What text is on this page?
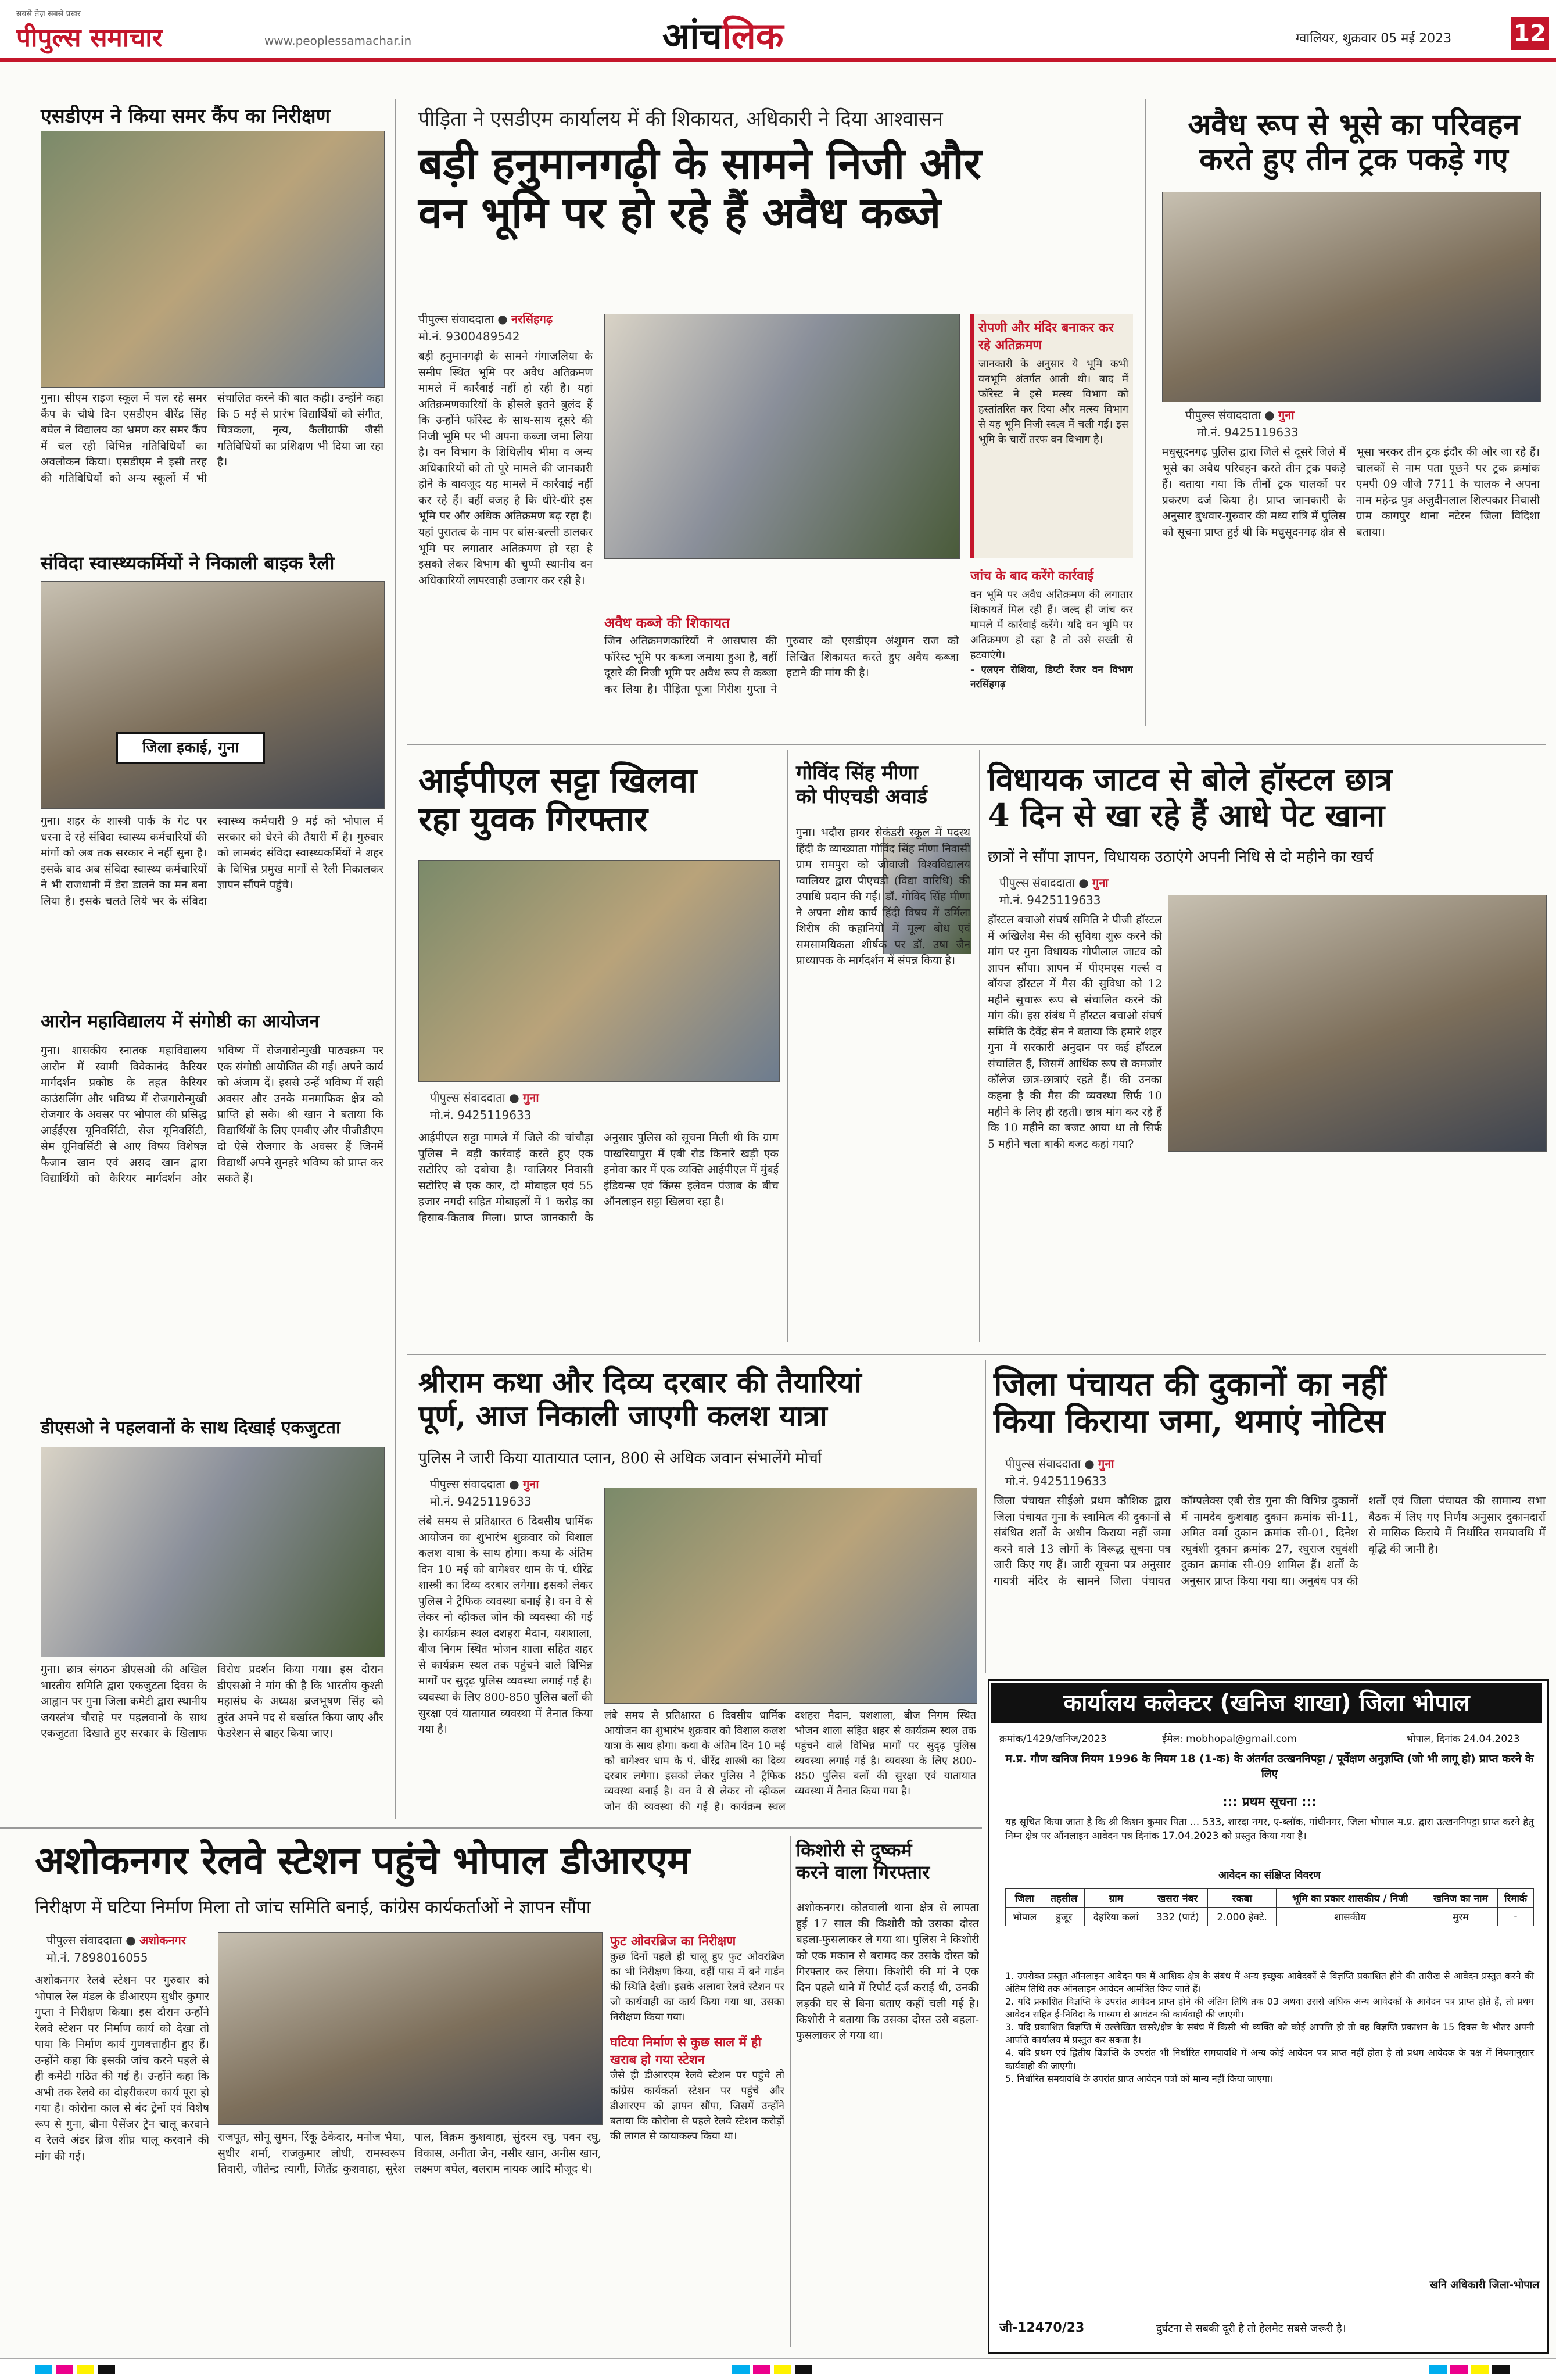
सबसे तेज़ सबसे प्रखर
पीपुल्स समाचार	www.peoplessamachar.in	आंचलिक	ग्वालियर, शुक्रवार 05 मई 2023	12
एसडीएम ने किया समर कैंप का निरीक्षण
गुना। सीएम राइज स्कूल में चल रहे समर कैंप के चौथे दिन एसडीएम वीरेंद्र सिंह बघेल ने विद्यालय का भ्रमण कर समर कैंप में चल रही विभिन्न गतिविधियों का अवलोकन किया। एसडीएम ने इसी तरह की गतिविधियों को अन्य स्कूलों में भी संचालित करने की बात कही। उन्होंने कहा कि 5 मई से प्रारंभ विद्यार्थियों को संगीत, चित्रकला, नृत्य, कैलीग्राफी जैसी गतिविधियों का प्रशिक्षण भी दिया जा रहा है।
संविदा स्वास्थ्यकर्मियों ने निकाली बाइक रैली
जिला इकाई, गुना
गुना। शहर के शास्त्री पार्क के गेट पर धरना दे रहे संविदा स्वास्थ्य कर्मचारियों की मांगों को अब तक सरकार ने नहीं सुना है। इसके बाद अब संविदा स्वास्थ्य कर्मचारियों ने भी राजधानी में डेरा डालने का मन बना लिया है। इसके चलते लिये भर के संविदा स्वास्थ्य कर्मचारी 9 मई को भोपाल में सरकार को घेरने की तैयारी में है। गुरुवार को लामबंद संविदा स्वास्थ्यकर्मियों ने शहर के विभिन्न प्रमुख मार्गों से रैली निकालकर ज्ञापन सौंपने पहुंचे।
आरोन महाविद्यालय में संगोष्ठी का आयोजन
गुना। शासकीय स्नातक महाविद्यालय आरोन में स्वामी विवेकानंद कैरियर मार्गदर्शन प्रकोष्ठ के तहत कैरियर काउंसलिंग और भविष्य में रोजगारोन्मुखी रोजगार के अवसर पर भोपाल की प्रसिद्ध आईईएस यूनिवर्सिटी, सेज यूनिवर्सिटी, सेम यूनिवर्सिटी से आए विषय विशेषज्ञ फैजान खान एवं असद खान द्वारा विद्यार्थियों को कैरियर मार्गदर्शन और भविष्य में रोजगारोन्मुखी पाठ्यक्रम पर एक संगोष्ठी आयोजित की गई। अपने कार्य को अंजाम दें। इससे उन्हें भविष्य में सही अवसर और उनके मनमाफिक क्षेत्र को प्राप्ति हो सके। श्री खान ने बताया कि विद्यार्थियों के लिए एमबीए और पीजीडीएम दो ऐसे रोजगार के अवसर हैं जिनमें विद्यार्थी अपने सुनहरे भविष्य को प्राप्त कर सकते हैं।
डीएसओ ने पहलवानों के साथ दिखाई एकजुटता
गुना। छात्र संगठन डीएसओ की अखिल भारतीय समिति द्वारा एकजुटता दिवस के आह्वान पर गुना जिला कमेटी द्वारा स्थानीय जयस्तंभ चौराहे पर पहलवानों के साथ एकजुटता दिखाते हुए सरकार के खिलाफ विरोध प्रदर्शन किया गया। इस दौरान डीएसओ ने मांग की है कि भारतीय कुश्ती महासंघ के अध्यक्ष ब्रजभूषण सिंह को तुरंत अपने पद से बर्खास्त किया जाए और फेडरेशन से बाहर किया जाए।
पीड़िता ने एसडीएम कार्यालय में की शिकायत, अधिकारी ने दिया आश्वासन
बड़ी हनुमानगढ़ी के सामने निजी और
वन भूमि पर हो रहे हैं अवैध कब्जे
पीपुल्स संवाददाता ● नरसिंहगढ़
मो.नं. 9300489542
बड़ी हनुमानगढ़ी के सामने गंगाजलिया के समीप स्थित भूमि पर अवैध अतिक्रमण मामले में कार्रवाई नहीं हो रही है। यहां अतिक्रमणकारियों के हौसले इतने बुलंद हैं कि उन्होंने फॉरेस्ट के साथ-साथ दूसरे की निजी भूमि पर भी अपना कब्जा जमा लिया है। वन विभाग के शिथिलीय भीमा व अन्य अधिकारियों को तो पूरे मामले की जानकारी होने के बावजूद यह मामले में कार्रवाई नहीं कर रहे हैं। वहीं वजह है कि धीरे-धीरे इस भूमि पर और अधिक अतिक्रमण बढ़ रहा है। यहां पुरातत्व के नाम पर बांस-बल्ली डालकर भूमि पर लगातार अतिक्रमण हो रहा है इसको लेकर विभाग की चुप्पी स्थानीय वन अधिकारियों लापरवाही उजागर कर रही है।
अवैध कब्जे की शिकायत
जिन अतिक्रमणकारियों ने आसपास की फॉरेस्ट भूमि पर कब्जा जमाया हुआ है, वहीं दूसरे की निजी भूमि पर अवैध रूप से कब्जा कर लिया है। पीड़िता पूजा गिरीश गुप्ता ने गुरुवार को एसडीएम अंशुमन राज को लिखित शिकायत करते हुए अवैध कब्जा हटाने की मांग की है।
रोपणी और मंदिर बनाकर कर रहे अतिक्रमण
जानकारी के अनुसार ये भूमि कभी वनभूमि अंतर्गत आती थी। बाद में फॉरेस्ट ने इसे मत्स्य विभाग को हस्तांतरित कर दिया और मत्स्य विभाग से यह भूमि निजी स्वत्व में चली गई। इस भूमि के चारों तरफ वन विभाग है।
जांच के बाद करेंगे कार्रवाई
वन भूमि पर अवैध अतिक्रमण की लगातार शिकायतें मिल रही हैं। जल्द ही जांच कर मामले में कार्रवाई करेंगे। यदि वन भूमि पर अतिक्रमण हो रहा है तो उसे सख्ती से हटवाएंगे।
- एलएन रोशिया, डिप्टी रेंजर वन विभाग नरसिंहगढ़
अवैध रूप से भूसे का परिवहन
करते हुए तीन ट्रक पकड़े गए
पीपुल्स संवाददाता ● गुना
मो.नं. 9425119633
मधुसूदनगढ़ पुलिस द्वारा जिले से दूसरे जिले में भूसे का अवैध परिवहन करते तीन ट्रक पकड़े हैं। बताया गया कि तीनों ट्रक चालकों पर प्रकरण दर्ज किया है। प्राप्त जानकारी के अनुसार बुधवार-गुरुवार की मध्य रात्रि में पुलिस को सूचना प्राप्त हुई थी कि मधुसूदनगढ़ क्षेत्र से भूसा भरकर तीन ट्रक इंदौर की ओर जा रहे हैं। चालकों से नाम पता पूछने पर ट्रक क्रमांक एमपी 09 जीजे 7711 के चालक ने अपना नाम महेन्द्र पुत्र अजुदीनलाल शिल्पकार निवासी ग्राम कागपुर थाना नटेरन जिला विदिशा बताया।
आईपीएल सट्टा खिलवा
रहा युवक गिरफ्तार
पीपुल्स संवाददाता ● गुना
मो.नं. 9425119633
आईपीएल सट्टा मामले में जिले की चांचौड़ा पुलिस ने बड़ी कार्रवाई करते हुए एक सटोरिए को दबोचा है। ग्वालियर निवासी सटोरिए से एक कार, दो मोबाइल एवं 55 हजार नगदी सहित मोबाइलों में 1 करोड़ का हिसाब-किताब मिला। प्राप्त जानकारी के अनुसार पुलिस को सूचना मिली थी कि ग्राम पाखरियापुरा में एबी रोड किनारे खड़ी एक इनोवा कार में एक व्यक्ति आईपीएल में मुंबई इंडियन्स एवं किंग्स इलेवन पंजाब के बीच ऑनलाइन सट्टा खिलवा रहा है।
गोविंद सिंह मीणा
को पीएचडी अवार्ड
गुना। भदौरा हायर सेकंडरी स्कूल में पदस्थ हिंदी के व्याख्याता गोविंद सिंह मीणा निवासी ग्राम रामपुरा को जीवाजी विश्वविद्यालय ग्वालियर द्वारा पीएचडी (विद्या वारिधि) की उपाधि प्रदान की गई। डॉ. गोविंद सिंह मीणा ने अपना शोध कार्य हिंदी विषय में उर्मिला शिरीष की कहानियों में मूल्य बोध एवं समसामयिकता शीर्षक पर डॉ. उषा जैन प्राध्यापक के मार्गदर्शन में संपन्न किया है।
विधायक जाटव से बोले हॉस्टल छात्र
4 दिन से खा रहे हैं आधे पेट खाना
छात्रों ने सौंपा ज्ञापन, विधायक उठाएंगे अपनी निधि से दो महीने का खर्च
पीपुल्स संवाददाता ● गुना
मो.नं. 9425119633
हॉस्टल बचाओ संघर्ष समिति ने पीजी हॉस्टल में अखिलेश मैस की सुविधा शुरू करने की मांग पर गुना विधायक गोपीलाल जाटव को ज्ञापन सौंपा। ज्ञापन में पीएमएस गर्ल्स व बॉयज हॉस्टल में मैस की सुविधा को 12 महीने सुचारू रूप से संचालित करने की मांग की। इस संबंध में हॉस्टल बचाओ संघर्ष समिति के देवेंद्र सेन ने बताया कि हमारे शहर गुना में सरकारी अनुदान पर कई हॉस्टल संचालित हैं, जिसमें आर्थिक रूप से कमजोर कॉलेज छात्र-छात्राएं रहते हैं। की उनका कहना है की मैस की व्यवस्था सिर्फ 10 महीने के लिए ही रहती। छात्र मांग कर रहे हैं कि 10 महीने का बजट आया था तो सिर्फ 5 महीने चला बाकी बजट कहां गया?
श्रीराम कथा और दिव्य दरबार की तैयारियां
पूर्ण, आज निकाली जाएगी कलश यात्रा
पुलिस ने जारी किया यातायात प्लान, 800 से अधिक जवान संभालेंगे मोर्चा
पीपुल्स संवाददाता ● गुना
मो.नं. 9425119633
लंबे समय से प्रतिक्षारत 6 दिवसीय धार्मिक आयोजन का शुभारंभ शुक्रवार को विशाल कलश यात्रा के साथ होगा। कथा के अंतिम दिन 10 मई को बागेश्वर धाम के पं. धीरेंद्र शास्त्री का दिव्य दरबार लगेगा। इसको लेकर पुलिस ने ट्रैफिक व्यवस्था बनाई है। वन वे से लेकर नो व्हीकल जोन की व्यवस्था की गई है। कार्यक्रम स्थल दशहरा मैदान, यशशाला, बीज निगम स्थित भोजन शाला सहित शहर से कार्यक्रम स्थल तक पहुंचने वाले विभिन्न मार्गों पर सुदृढ़ पुलिस व्यवस्था लगाई गई है। व्यवस्था के लिए 800-850 पुलिस बलों की सुरक्षा एवं यातायात व्यवस्था में तैनात किया गया है।
जिला पंचायत की दुकानों का नहीं
किया किराया जमा, थमाएं नोटिस
पीपुल्स संवाददाता ● गुना
मो.नं. 9425119633
जिला पंचायत सीईओ प्रथम कौशिक द्वारा जिला पंचायत गुना के स्वामित्व की दुकानों से संबंधित शर्तों के अधीन किराया नहीं जमा करने वाले 13 लोगों के विरूद्ध सूचना पत्र जारी किए गए हैं। जारी सूचना पत्र अनुसार गायत्री मंदिर के सामने जिला पंचायत कॉम्पलेक्स एबी रोड गुना की विभिन्न दुकानों में नामदेव कुशवाह दुकान क्रमांक सी-11, अमित वर्मा दुकान क्रमांक सी-01, दिनेश रघुवंशी दुकान क्रमांक 27, रघुराज रघुवंशी दुकान क्रमांक सी-09 शामिल हैं। शर्तों के अनुसार प्राप्त किया गया था। अनुबंध पत्र की शर्तों एवं जिला पंचायत की सामान्य सभा बैठक में लिए गए निर्णय अनुसार दुकानदारों से मासिक किराये में निर्धारित समयावधि में वृद्धि की जानी है।
लंबे समय से प्रतिक्षारत 6 दिवसीय धार्मिक आयोजन का शुभारंभ शुक्रवार को विशाल कलश यात्रा के साथ होगा। कथा के अंतिम दिन 10 मई को बागेश्वर धाम के पं. धीरेंद्र शास्त्री का दिव्य दरबार लगेगा। इसको लेकर पुलिस ने ट्रैफिक व्यवस्था बनाई है। वन वे से लेकर नो व्हीकल जोन की व्यवस्था की गई है। कार्यक्रम स्थल दशहरा मैदान, यशशाला, बीज निगम स्थित भोजन शाला सहित शहर से कार्यक्रम स्थल तक पहुंचने वाले विभिन्न मार्गों पर सुदृढ़ पुलिस व्यवस्था लगाई गई है। व्यवस्था के लिए 800-850 पुलिस बलों की सुरक्षा एवं यातायात व्यवस्था में तैनात किया गया है।
कार्यालय कलेक्टर (खनिज शाखा) जिला भोपाल
क्रमांक/1429/खनिज/2023	ईमेल: mobhopal@gmail.com	भोपाल, दिनांक 24.04.2023
म.प्र. गौण खनिज नियम 1996 के नियम 18 (1-क) के अंतर्गत उत्खननिपट्टा / पूर्वेक्षण अनुज्ञप्ति (जो भी लागू हो) प्राप्त करने के लिए
::: प्रथम सूचना :::
यह सूचित किया जाता है कि श्री किशन कुमार पिता ... 533, शारदा नगर, ए-ब्लॉक, गांधीनगर, जिला भोपाल म.प्र. द्वारा उत्खननिपट्टा प्राप्त करने हेतु निम्न क्षेत्र पर ऑनलाइन आवेदन पत्र दिनांक 17.04.2023 को प्रस्तुत किया गया है।
आवेदन का संक्षिप्त विवरण
जिला	तहसील	ग्राम	खसरा नंबर	रकबा	भूमि का प्रकार शासकीय / निजी	खनिज का नाम	रिमार्क
भोपाल	हुजूर	देहरिया कलां	332 (पार्ट)	2.000 हेक्टे.	शासकीय	मुरम	-
1. उपरोक्त प्रस्तुत ऑनलाइन आवेदन पत्र में आंशिक क्षेत्र के संबंध में अन्य इच्छुक आवेदकों से विज्ञप्ति प्रकाशित होने की तारीख से आवेदन प्रस्तुत करने की अंतिम तिथि तक ऑनलाइन आवेदन आमंत्रित किए जाते हैं।
2. यदि प्रकाशित विज्ञप्ति के उपरांत आवेदन प्राप्त होने की अंतिम तिथि तक 03 अथवा उससे अधिक अन्य आवेदकों के आवेदन पत्र प्राप्त होते हैं, तो प्रथम आवेदन सहित ई-निविदा के माध्यम से आवंटन की कार्यवाही की जाएगी।
3. यदि प्रकाशित विज्ञप्ति में उल्लेखित खसरे/क्षेत्र के संबंध में किसी भी व्यक्ति को कोई आपत्ति हो तो वह विज्ञप्ति प्रकाशन के 15 दिवस के भीतर अपनी आपत्ति कार्यालय में प्रस्तुत कर सकता है।
4. यदि प्रथम एवं द्वितीय विज्ञप्ति के उपरांत भी निर्धारित समयावधि में अन्य कोई आवेदन पत्र प्राप्त नहीं होता है तो प्रथम आवेदक के पक्ष में नियमानुसार कार्यवाही की जाएगी।
5. निर्धारित समयावधि के उपरांत प्राप्त आवेदन पत्रों को मान्य नहीं किया जाएगा।
खनि अधिकारी जिला-भोपाल
जी-12470/23	दुर्घटना से सबकी दूरी है तो हेलमेट सबसे जरूरी है।
अशोकनगर रेलवे स्टेशन पहुंचे भोपाल डीआरएम
निरीक्षण में घटिया निर्माण मिला तो जांच समिति बनाई, कांग्रेस कार्यकर्ताओं ने ज्ञापन सौंपा
पीपुल्स संवाददाता ● अशोकनगर
मो.नं. 7898016055
अशोकनगर रेलवे स्टेशन पर गुरुवार को भोपाल रेल मंडल के डीआरएम सुधीर कुमार गुप्ता ने निरीक्षण किया। इस दौरान उन्होंने रेलवे स्टेशन पर निर्माण कार्य को देखा तो पाया कि निर्माण कार्य गुणवत्ताहीन हुए हैं। उन्होंने कहा कि इसकी जांच करने पहले से ही कमेटी गठित की गई है। उन्होंने कहा कि अभी तक रेलवे का दोहरीकरण कार्य पूरा हो गया है। कोरोना काल से बंद ट्रेनों एवं विशेष रूप से गुना, बीना पैसेंजर ट्रेन चालू करवाने व रेलवे अंडर ब्रिज शीघ्र चालू करवाने की मांग की गई।
राजपूत, सोनू सुमन, रिंकू ठेकेदार, मनोज भैया, सुधीर शर्मा, राजकुमार लोधी, रामस्वरूप तिवारी, जीतेन्द्र त्यागी, जितेंद्र कुशवाहा, सुरेश पाल, विक्रम कुशवाहा, सुंदरम रघु, पवन रघु, विकास, अनीता जैन, नसीर खान, अनीस खान, लक्ष्मण बघेल, बलराम नायक आदि मौजूद थे।
फुट ओवरब्रिज का निरीक्षण
कुछ दिनों पहले ही चालू हुए फुट ओवरब्रिज का भी निरीक्षण किया, वहीं पास में बने गार्डन की स्थिति देखी। इसके अलावा रेलवे स्टेशन पर जो कार्यवाही का कार्य किया गया था, उसका निरीक्षण किया गया।
घटिया निर्माण से कुछ साल में ही खराब हो गया स्टेशन
जैसे ही डीआरएम रेलवे स्टेशन पर पहुंचे तो कांग्रेस कार्यकर्ता स्टेशन पर पहुंचे और डीआरएम को ज्ञापन सौंपा, जिसमें उन्होंने बताया कि कोरोना से पहले रेलवे स्टेशन करोड़ों की लागत से कायाकल्प किया था।
किशोरी से दुष्कर्म
करने वाला गिरफ्तार
अशोकनगर। कोतवाली थाना क्षेत्र से लापता हुई 17 साल की किशोरी को उसका दोस्त बहला-फुसलाकर ले गया था। पुलिस ने किशोरी को एक मकान से बरामद कर उसके दोस्त को गिरफ्तार कर लिया। किशोरी की मां ने एक दिन पहले थाने में रिपोर्ट दर्ज कराई थी, उनकी लड़की घर से बिना बताए कहीं चली गई है। किशोरी ने बताया कि उसका दोस्त उसे बहला-फुसलाकर ले गया था।
